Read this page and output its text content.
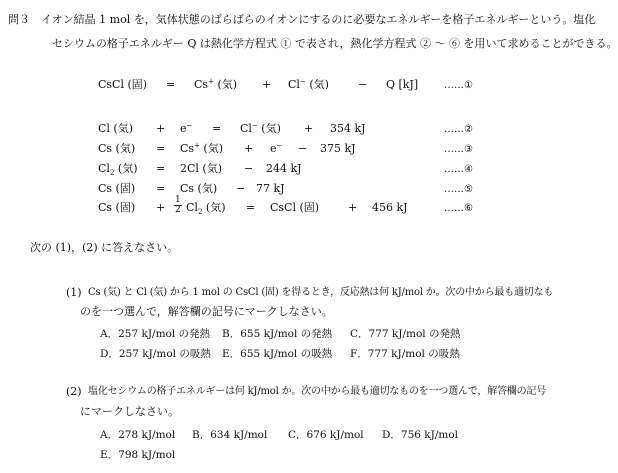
問３　イオン結晶 1 mol を，気体状態のばらばらのイオンにするのに必要なエネルギーを格子エネルギーという。塩化
セシウムの格子エネルギー Q は熱化学方程式 ① で表され，熱化学方程式 ② ～ ⑥ を用いて求めることができる。
CsCl (固) = Cs+ (気) + Cl− (気)	− Q [kJ]	……①
Cl (気) + e− = Cl− (気) + 354 kJ	……②
Cs (気) = Cs+ (気) + e− − 375 kJ	……③
$Cl_2$ (気) = 2Cl (気) − 244 kJ	……④
Cs (固) = Cs (気) − 77 kJ	……⑤
Cs (固) + $\frac{1}{2} Cl_2$ (気) = CsCl (固)	+ 456 kJ	……⑥
次の (1)，(2) に答えなさい。
(1) Cs (気) と Cl (気) から 1 mol の CsCl (固) を得るとき，反応熱は何 kJ/mol か。次の中から最も適切なも
のを一つ選んで，解答欄の記号にマークしなさい。
A．257 kJ/mol の発熱 B．655 kJ/mol の発熱 C．777 kJ/mol の発熱
D．257 kJ/mol の吸熱 E．655 kJ/mol の吸熱 F．777 kJ/mol の吸熱
(2) 塩化セシウムの格子エネルギーは何 kJ/mol か。次の中から最も適切なものを一つ選んで，解答欄の記号
にマークしなさい。
A．278 kJ/mol B．634 kJ/mol C．676 kJ/mol D．756 kJ/mol
E．798 kJ/mol
